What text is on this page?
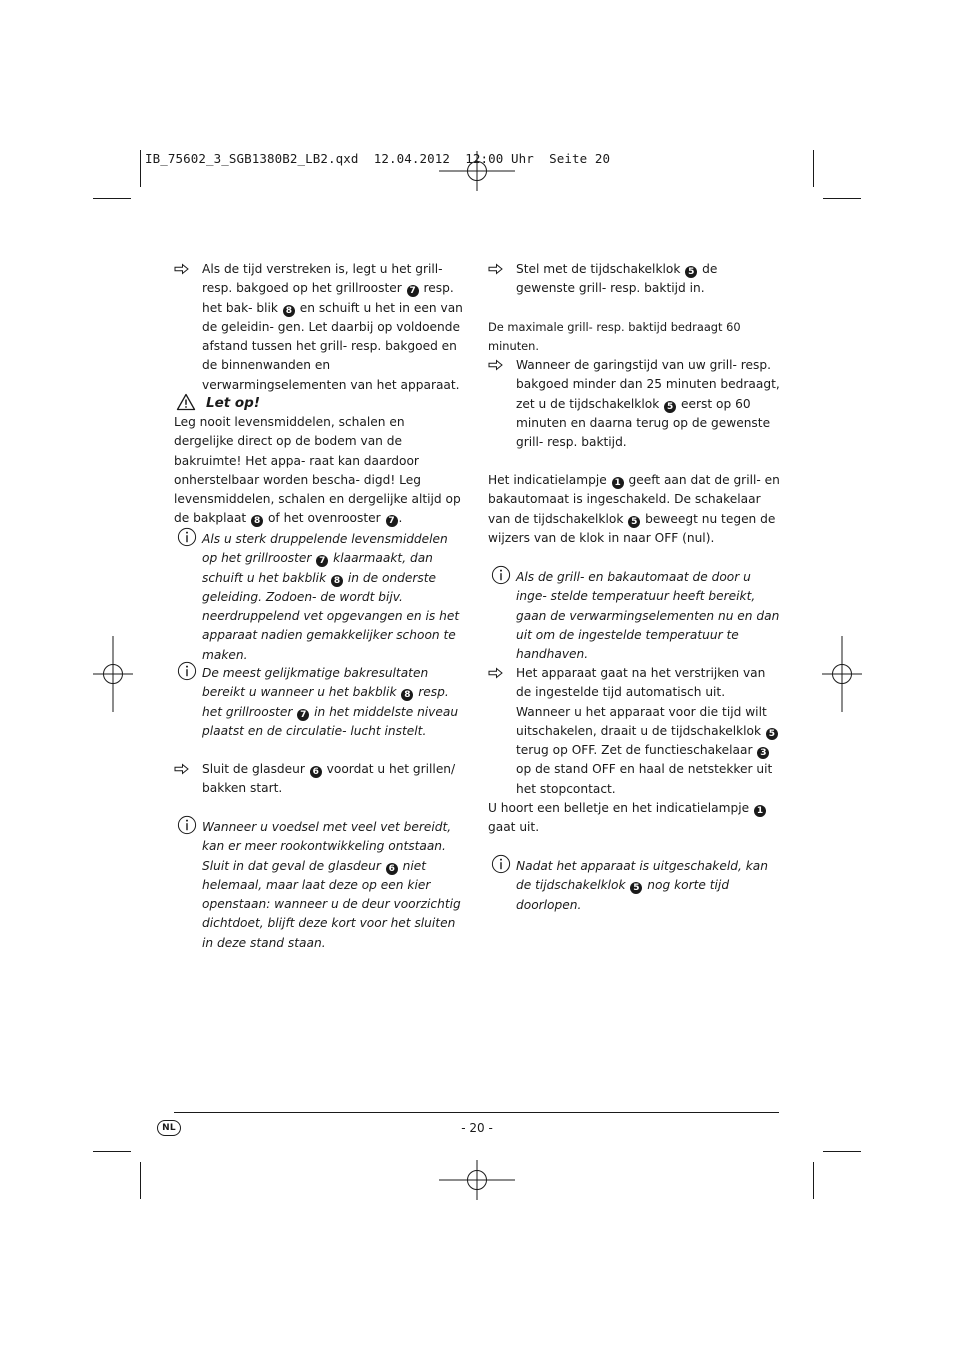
IB_75602_3_SGB1380B2_LB2.qxd  12.04.2012  12:00 Uhr  Seite 20
Als de tijd verstreken is, legt u het grill- resp. bakgoed op het grillrooster 7 resp. het bak- blik 8 en schuift u het in een van de geleidin- gen. Let daarbij op voldoende afstand tussen het grill- resp. bakgoed en de binnenwanden en verwarmingselementen van het apparaat.
Let op!
Leg nooit levensmiddelen, schalen en dergelijke direct op de bodem van de bakruimte! Het appa- raat kan daardoor onherstelbaar worden bescha- digd! Leg levensmiddelen, schalen en dergelijke altijd op de bakplaat 8 of het ovenrooster 7 .
Als u sterk druppelende levensmiddelen op het grillrooster 7 klaarmaakt, dan schuift u het bakblik 8 in de onderste geleiding. Zodoen- de wordt bijv. neerdruppelend vet opgevangen en is het apparaat nadien gemakkelijker schoon te maken.
De meest gelijkmatige bakresultaten bereikt u wanneer u het bakblik 8 resp. het grillrooster 7 in het middelste niveau plaatst en de circulatie- lucht instelt.
Sluit de glasdeur 6 voordat u het grillen/ bakken start.
Wanneer u voedsel met veel vet bereidt, kan er meer rookontwikkeling ontstaan. Sluit in dat geval de glasdeur 6 niet helemaal, maar laat deze op een kier openstaan: wanneer u de deur voorzichtig dichtdoet, blijft deze kort voor het sluiten in deze stand staan.
Stel met de tijdschakelklok 5 de gewenste grill- resp. baktijd in.
De maximale grill- resp. baktijd bedraagt 60 minuten.
Wanneer de garingstijd van uw grill- resp. bakgoed minder dan 25 minuten bedraagt, zet u de tijdschakelklok 5 eerst op 60 minuten en daarna terug op de gewenste grill- resp. baktijd.
Het indicatielampje 1 geeft aan dat de grill- en bakautomaat is ingeschakeld. De schakelaar van de tijdschakelklok 5 beweegt nu tegen de wijzers van de klok in naar OFF (nul).
Als de grill- en bakautomaat de door u inge- stelde temperatuur heeft bereikt, gaan de verwarmingselementen nu en dan uit om de ingestelde temperatuur te handhaven.
Het apparaat gaat na het verstrijken van de ingestelde tijd automatisch uit. Wanneer u het apparaat voor die tijd wilt uitschakelen, draait u de tijdschakelklok 5 terug op OFF. Zet de functieschakelaar 3 op de stand OFF en haal de netstekker uit het stopcontact.
U hoort een belletje en het indicatielampje 1 gaat uit.
Nadat het apparaat is uitgeschakeld, kan de tijdschakelklok 5 nog korte tijd doorlopen.
NL	- 20 -
